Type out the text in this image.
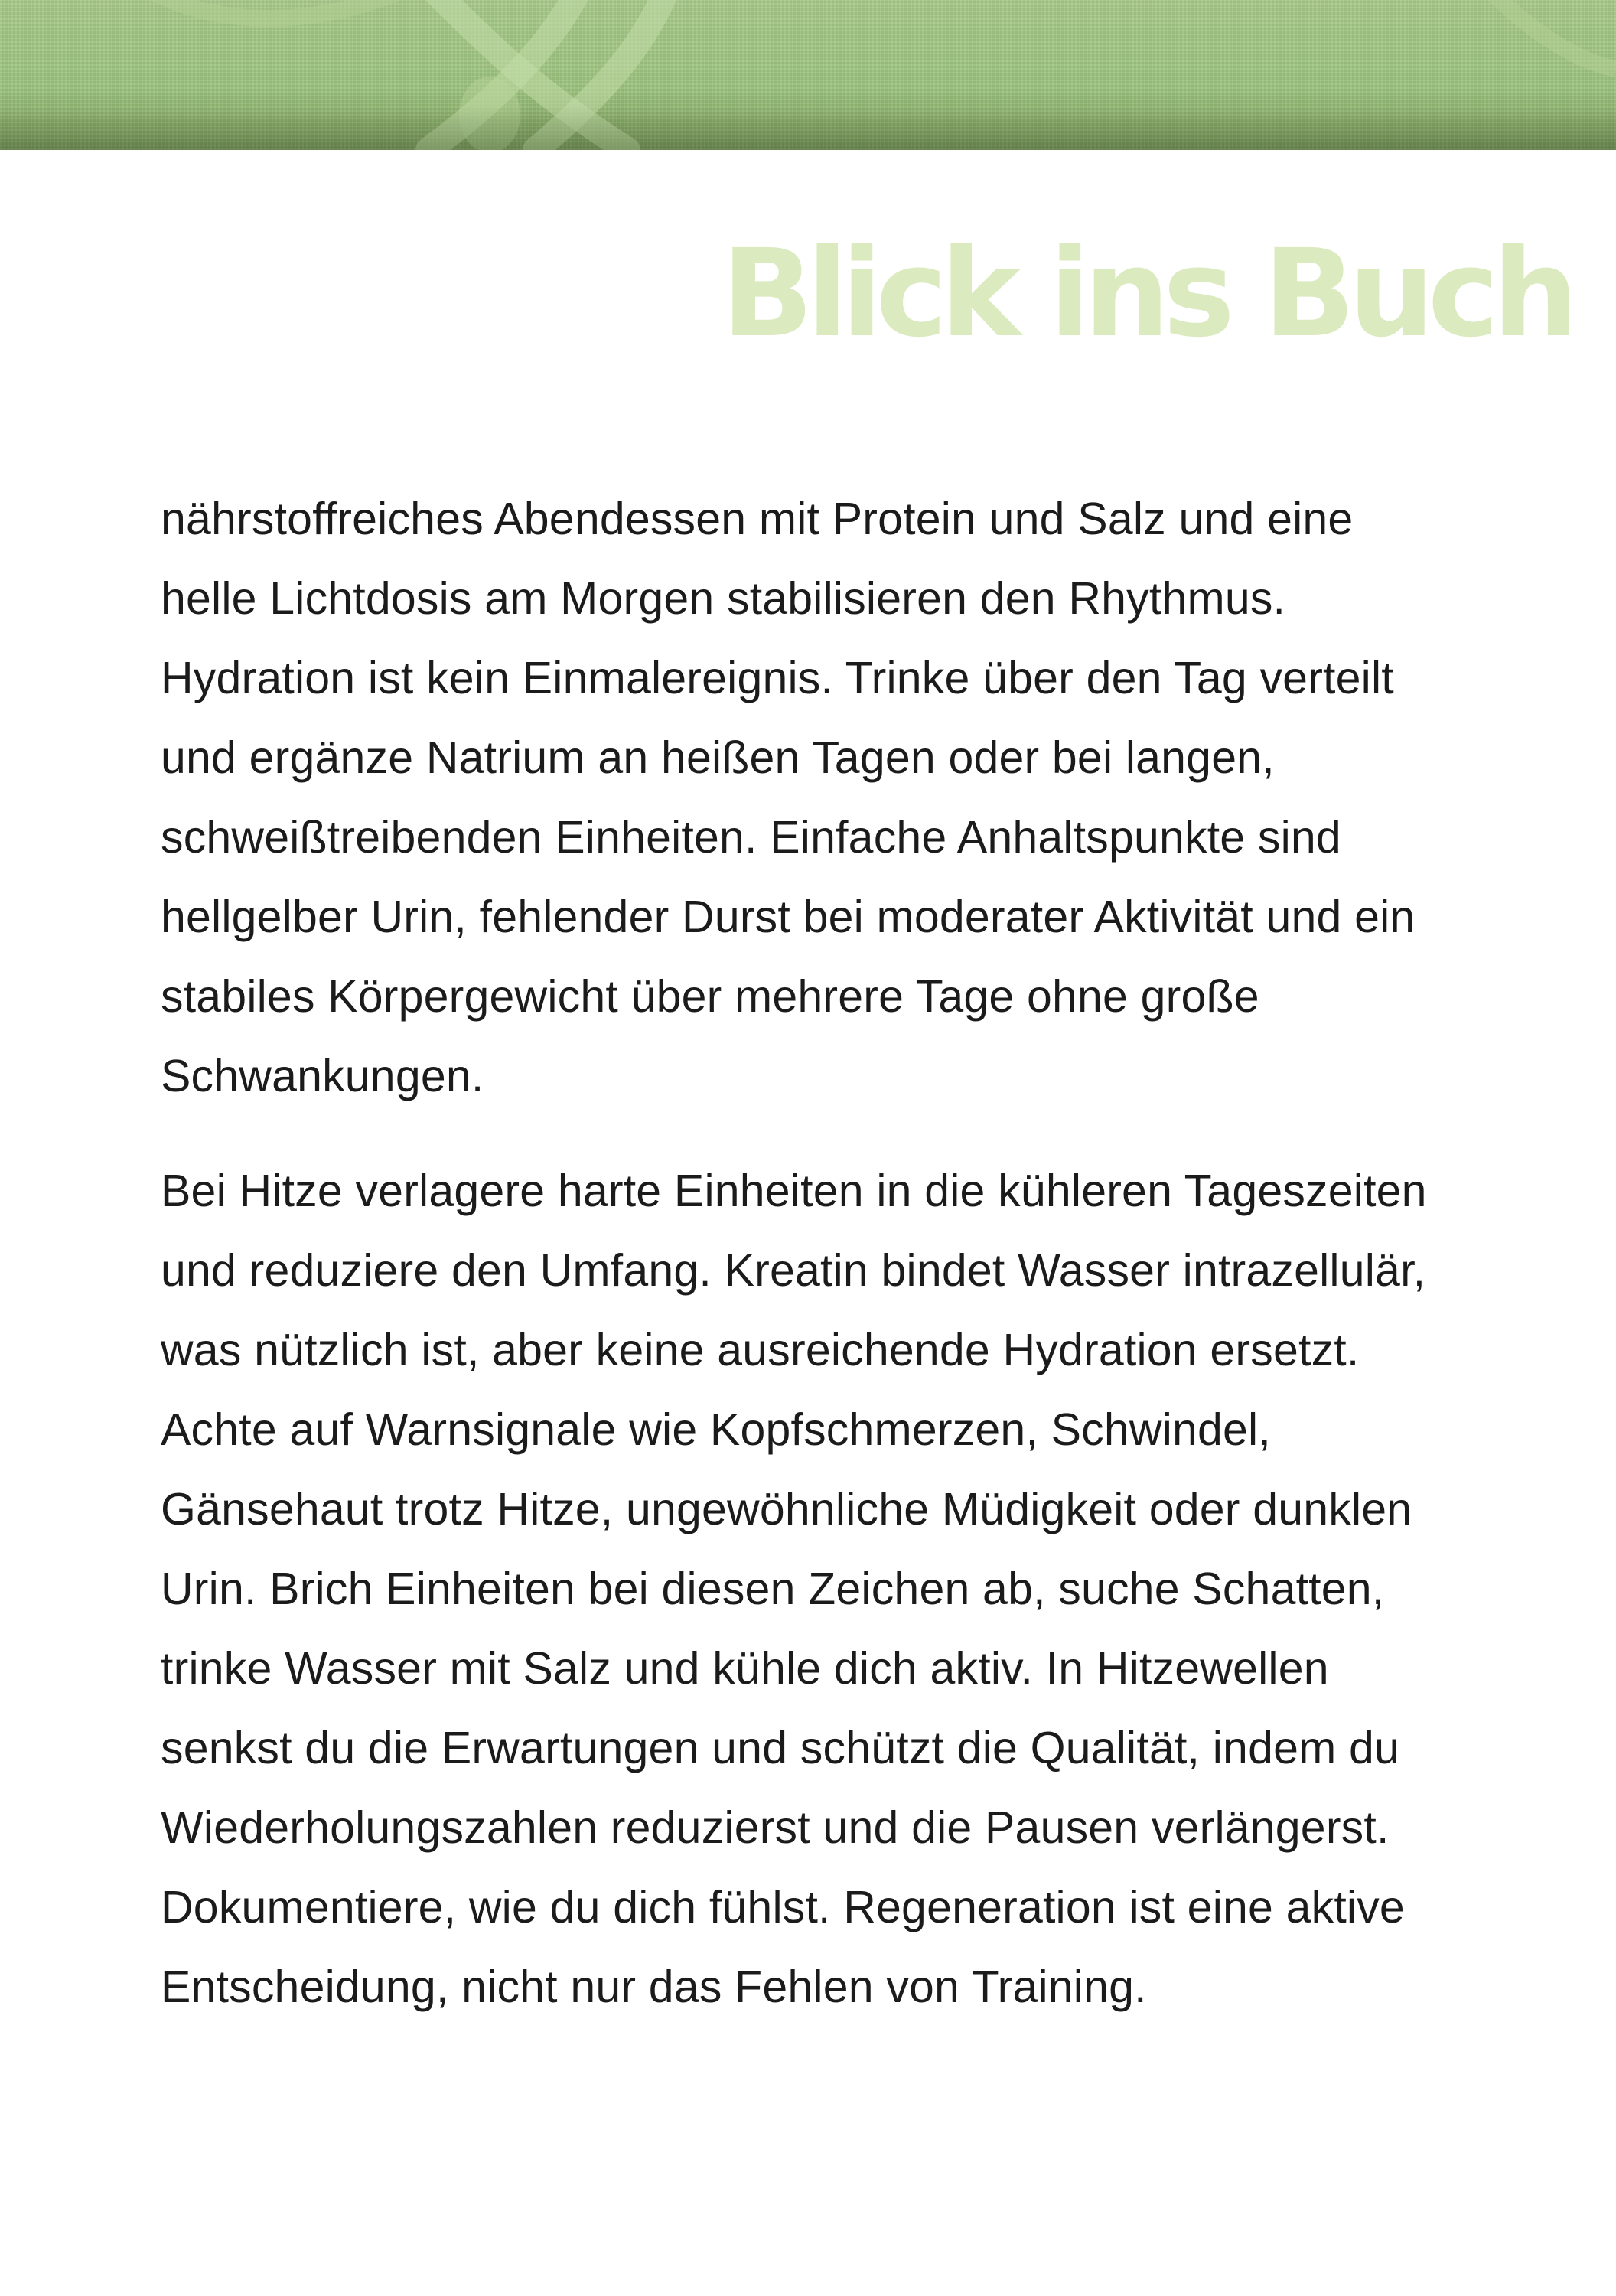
Blick ins Buch

nährstoffreiches Abendessen mit Protein und Salz und eine helle Lichtdosis am Morgen stabilisieren den Rhythmus. Hydration ist kein Einmalereignis. Trinke über den Tag verteilt und ergänze Natrium an heißen Tagen oder bei langen, schweißtreibenden Einheiten. Einfache Anhaltspunkte sind hellgelber Urin, fehlender Durst bei moderater Aktivität und ein stabiles Körpergewicht über mehrere Tage ohne große Schwankungen.

Bei Hitze verlagere harte Einheiten in die kühleren Tageszeiten und reduziere den Umfang. Kreatin bindet Wasser intrazellulär, was nützlich ist, aber keine ausreichende Hydration ersetzt. Achte auf Warnsignale wie Kopfschmerzen, Schwindel, Gänsehaut trotz Hitze, ungewöhnliche Müdigkeit oder dunklen Urin. Brich Einheiten bei diesen Zeichen ab, suche Schatten, trinke Wasser mit Salz und kühle dich aktiv. In Hitzewellen senkst du die Erwartungen und schützt die Qualität, indem du Wiederholungszahlen reduzierst und die Pausen verlängerst. Dokumentiere, wie du dich fühlst. Regeneration ist eine aktive Entscheidung, nicht nur das Fehlen von Training.
